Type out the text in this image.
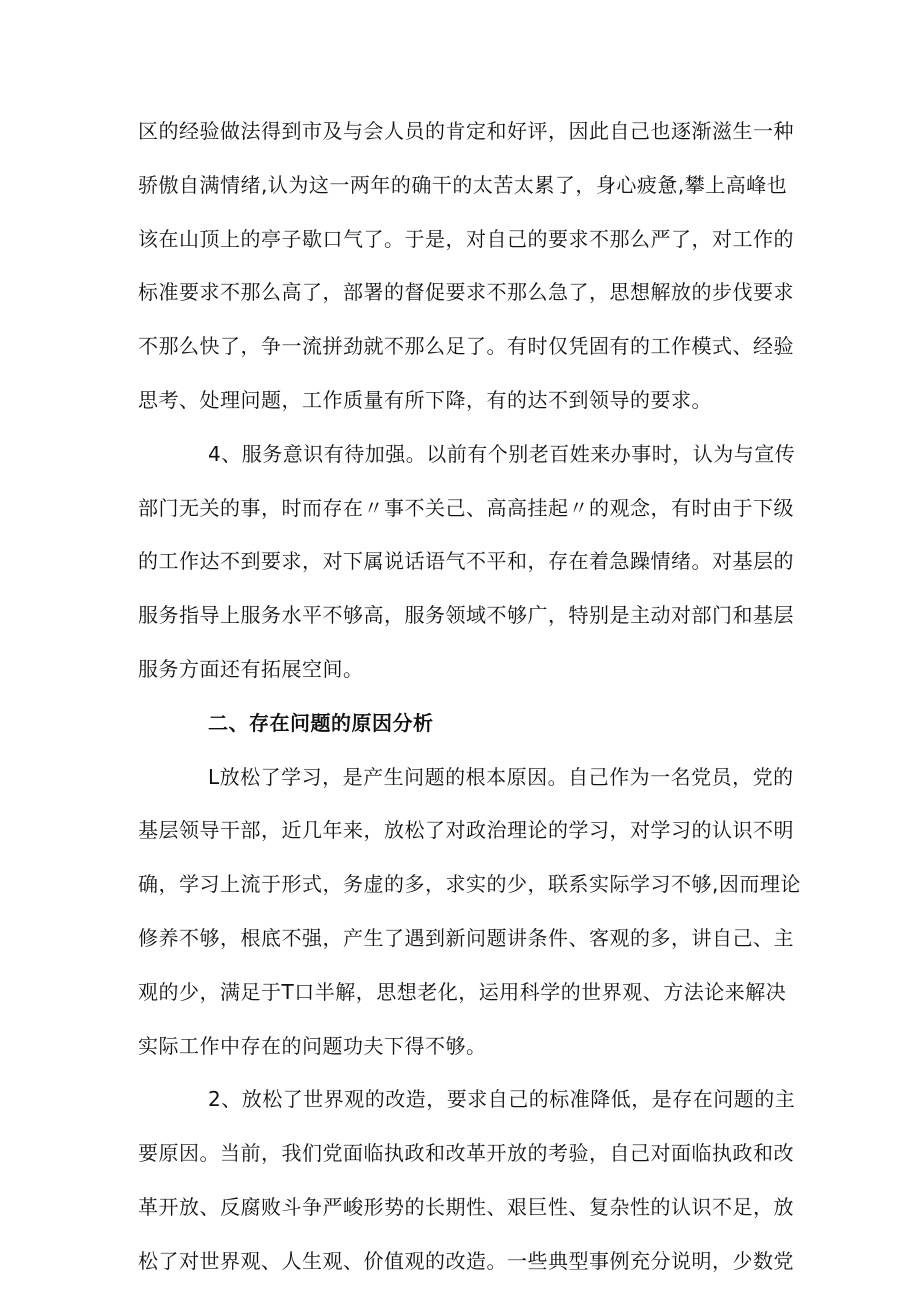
区的经验做法得到市及与会人员的肯定和好评，因此自己也逐渐滋生一种
骄傲自满情绪,认为这一两年的确干的太苦太累了，身心疲惫,攀上高峰也
该在山顶上的亭子歇口气了。于是，对自己的要求不那么严了，对工作的
标准要求不那么高了，部署的督促要求不那么急了，思想解放的步伐要求
不那么快了，争一流拼劲就不那么足了。有时仅凭固有的工作模式、经验
思考、处理问题，工作质量有所下降，有的达不到领导的要求。
4、服务意识有待加强。以前有个别老百姓来办事时，认为与宣传
部门无关的事，时而存在〃事不关己、高高挂起〃的观念，有时由于下级
的工作达不到要求，对下属说话语气不平和，存在着急躁情绪。对基层的
服务指导上服务水平不够高，服务领域不够广，特别是主动对部门和基层
服务方面还有拓展空间。
二、存在问题的原因分析
L放松了学习，是产生问题的根本原因。自己作为一名党员，党的
基层领导干部，近几年来，放松了对政治理论的学习，对学习的认识不明
确，学习上流于形式，务虚的多，求实的少，联系实际学习不够,因而理论
修养不够，根底不强，产生了遇到新问题讲条件、客观的多，讲自己、主
观的少，满足于T口半解，思想老化，运用科学的世界观、方法论来解决
实际工作中存在的问题功夫下得不够。
2、放松了世界观的改造，要求自己的标准降低，是存在问题的主
要原因。当前，我们党面临执政和改革开放的考验，自己对面临执政和改
革开放、反腐败斗争严峻形势的长期性、艰巨性、复杂性的认识不足，放
松了对世界观、人生观、价值观的改造。一些典型事例充分说明，少数党
